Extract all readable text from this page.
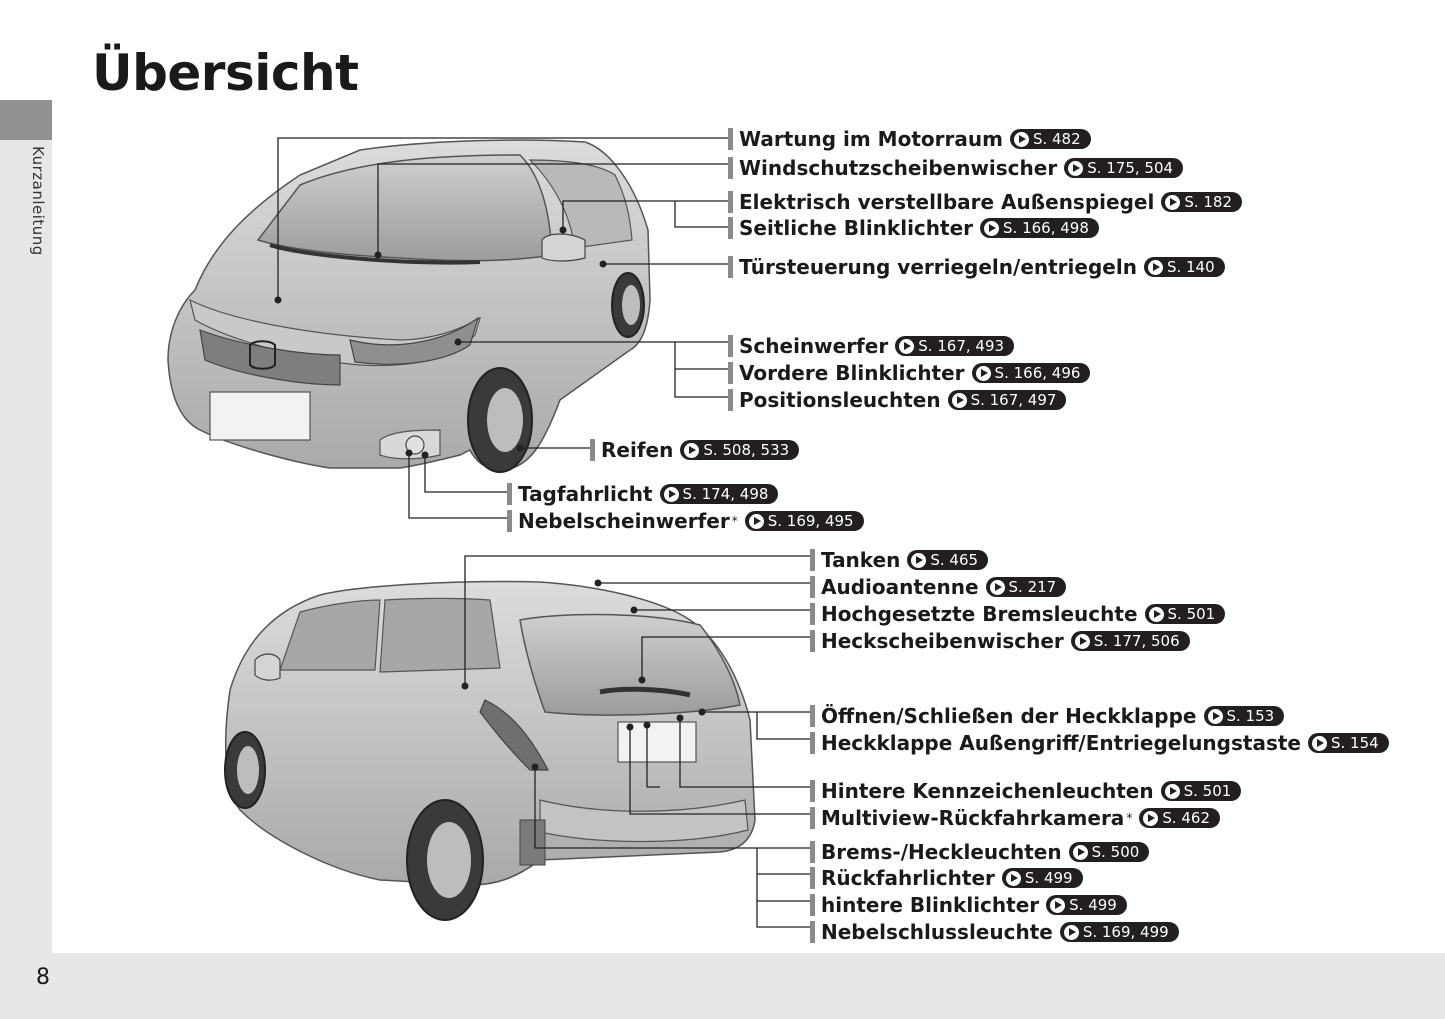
Kurzanleitung
8
Übersicht
Wartung im Motorraum S. 482
Windschutzscheibenwischer S. 175, 504
Elektrisch verstellbare Außenspiegel S. 182
Seitliche Blinklichter S. 166, 498
Türsteuerung verriegeln/entriegeln S. 140
Scheinwerfer S. 167, 493
Vordere Blinklichter S. 166, 496
Positionsleuchten S. 167, 497
Reifen S. 508, 533
Tagfahrlicht S. 174, 498
Nebelscheinwerfer * S. 169, 495
Tanken S. 465
Audioantenne S. 217
Hochgesetzte Bremsleuchte S. 501
Heckscheibenwischer S. 177, 506
Öffnen/Schließen der Heckklappe S. 153
Heckklappe Außengriff/Entriegelungstaste S. 154
Hintere Kennzeichenleuchten S. 501
Multiview-Rückfahrkamera * S. 462
Brems-/Heckleuchten S. 500
Rückfahrlichter S. 499
hintere Blinklichter S. 499
Nebelschlussleuchte S. 169, 499
